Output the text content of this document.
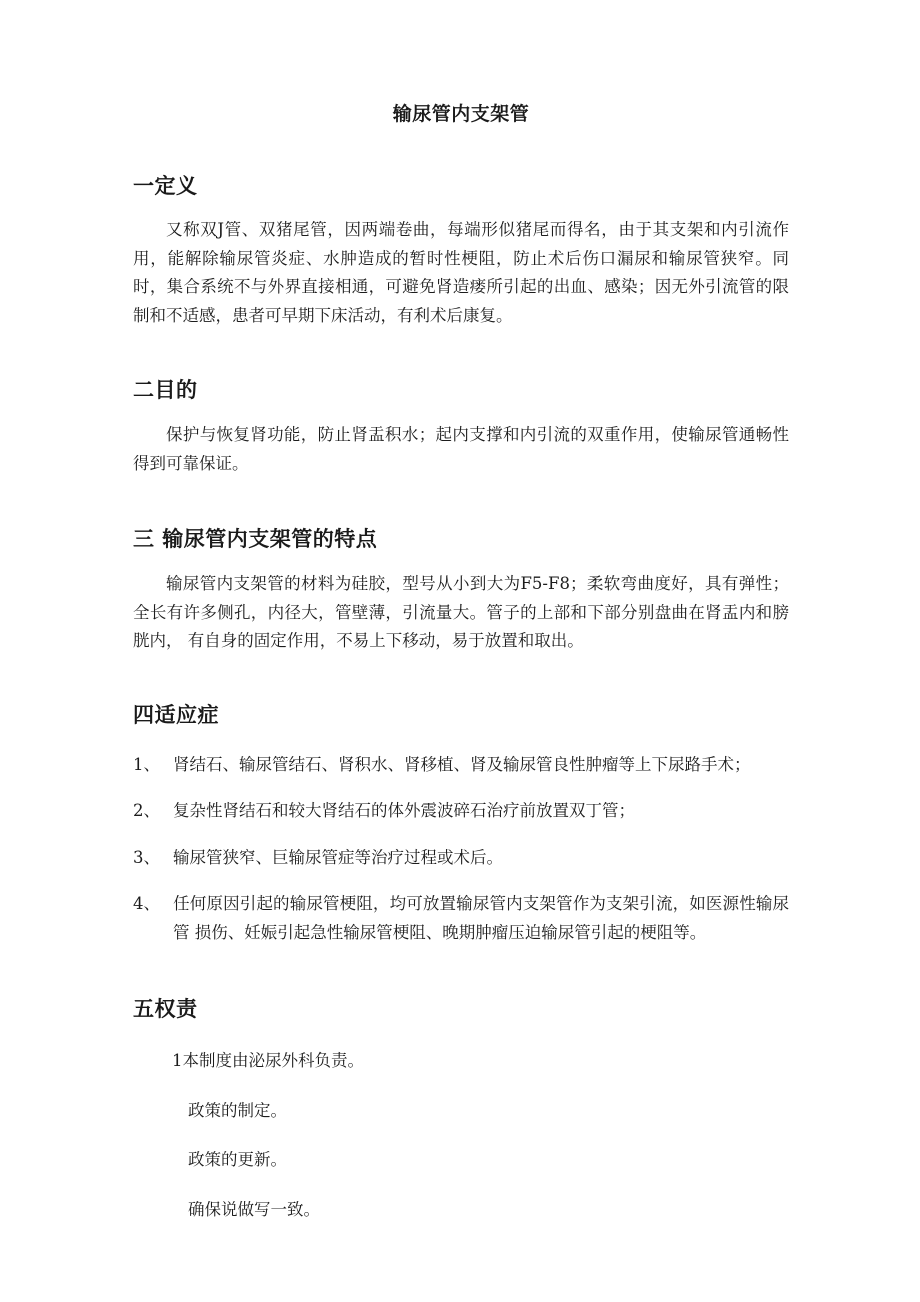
输尿管内支架管
一定义

又称双J管、双猪尾管，因两端卷曲，每端形似猪尾而得名，由于其支架和内引流作用，能解除输尿管炎症、水肿造成的暂时性梗阻，防止术后伤口漏尿和输尿管狭窄。同时，集合系统不与外界直接相通，可避免肾造瘘所引起的出血、感染；因无外引流管的限制和不适感，患者可早期下床活动，有利术后康复。

二目的

保护与恢复肾功能，防止肾盂积水；起内支撑和内引流的双重作用，使输尿管通畅性得到可靠保证。

三 输尿管内支架管的特点

输尿管内支架管的材料为硅胶，型号从小到大为F5-F8；柔软弯曲度好，具有弹性；全长有许多侧孔，内径大，管壁薄，引流量大。管子的上部和下部分别盘曲在肾盂内和膀胱内， 有自身的固定作用，不易上下移动，易于放置和取出。

四适应症
1、 肾结石、输尿管结石、肾积水、肾移植、肾及输尿管良性肿瘤等上下尿路手术；
2、 复杂性肾结石和较大肾结石的体外震波碎石治疗前放置双丁管；
3、 输尿管狭窄、巨输尿管症等治疗过程或术后。
4、 任何原因引起的输尿管梗阻，均可放置输尿管内支架管作为支架引流，如医源性输尿管 损伤、妊娠引起急性输尿管梗阻、晚期肿瘤压迫输尿管引起的梗阻等。
五权责

1本制度由泌尿外科负责。

政策的制定。

政策的更新。

确保说做写一致。
